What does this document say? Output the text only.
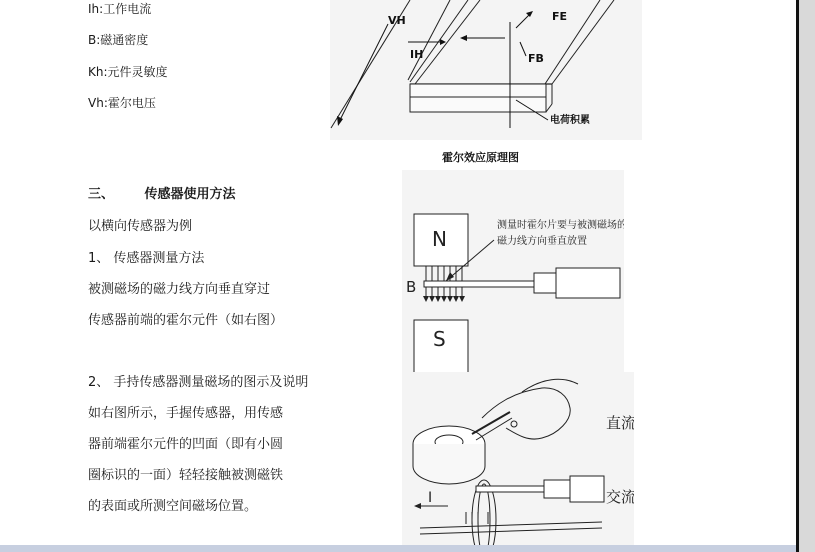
Ih:工作电流
B:磁通密度
Kh:元件灵敏度
Vh:霍尔电压
VH
IH
FE
FB
电荷积累
霍尔效应原理图
三、 传感器使用方法
以横向传感器为例
1、 传感器测量方法
被测磁场的磁力线方向垂直穿过
传感器前端的霍尔元件（如右图）
2、 手持传感器测量磁场的图示及说明
如右图所示，手握传感器，用传感
器前端霍尔元件的凹面（即有小圆
圈标识的一面）轻轻接触被测磁铁
的表面或所测空间磁场位置。
N
S
B
测量时霍尔片要与被测磁场的
磁力线方向垂直放置
直流
I	交流
